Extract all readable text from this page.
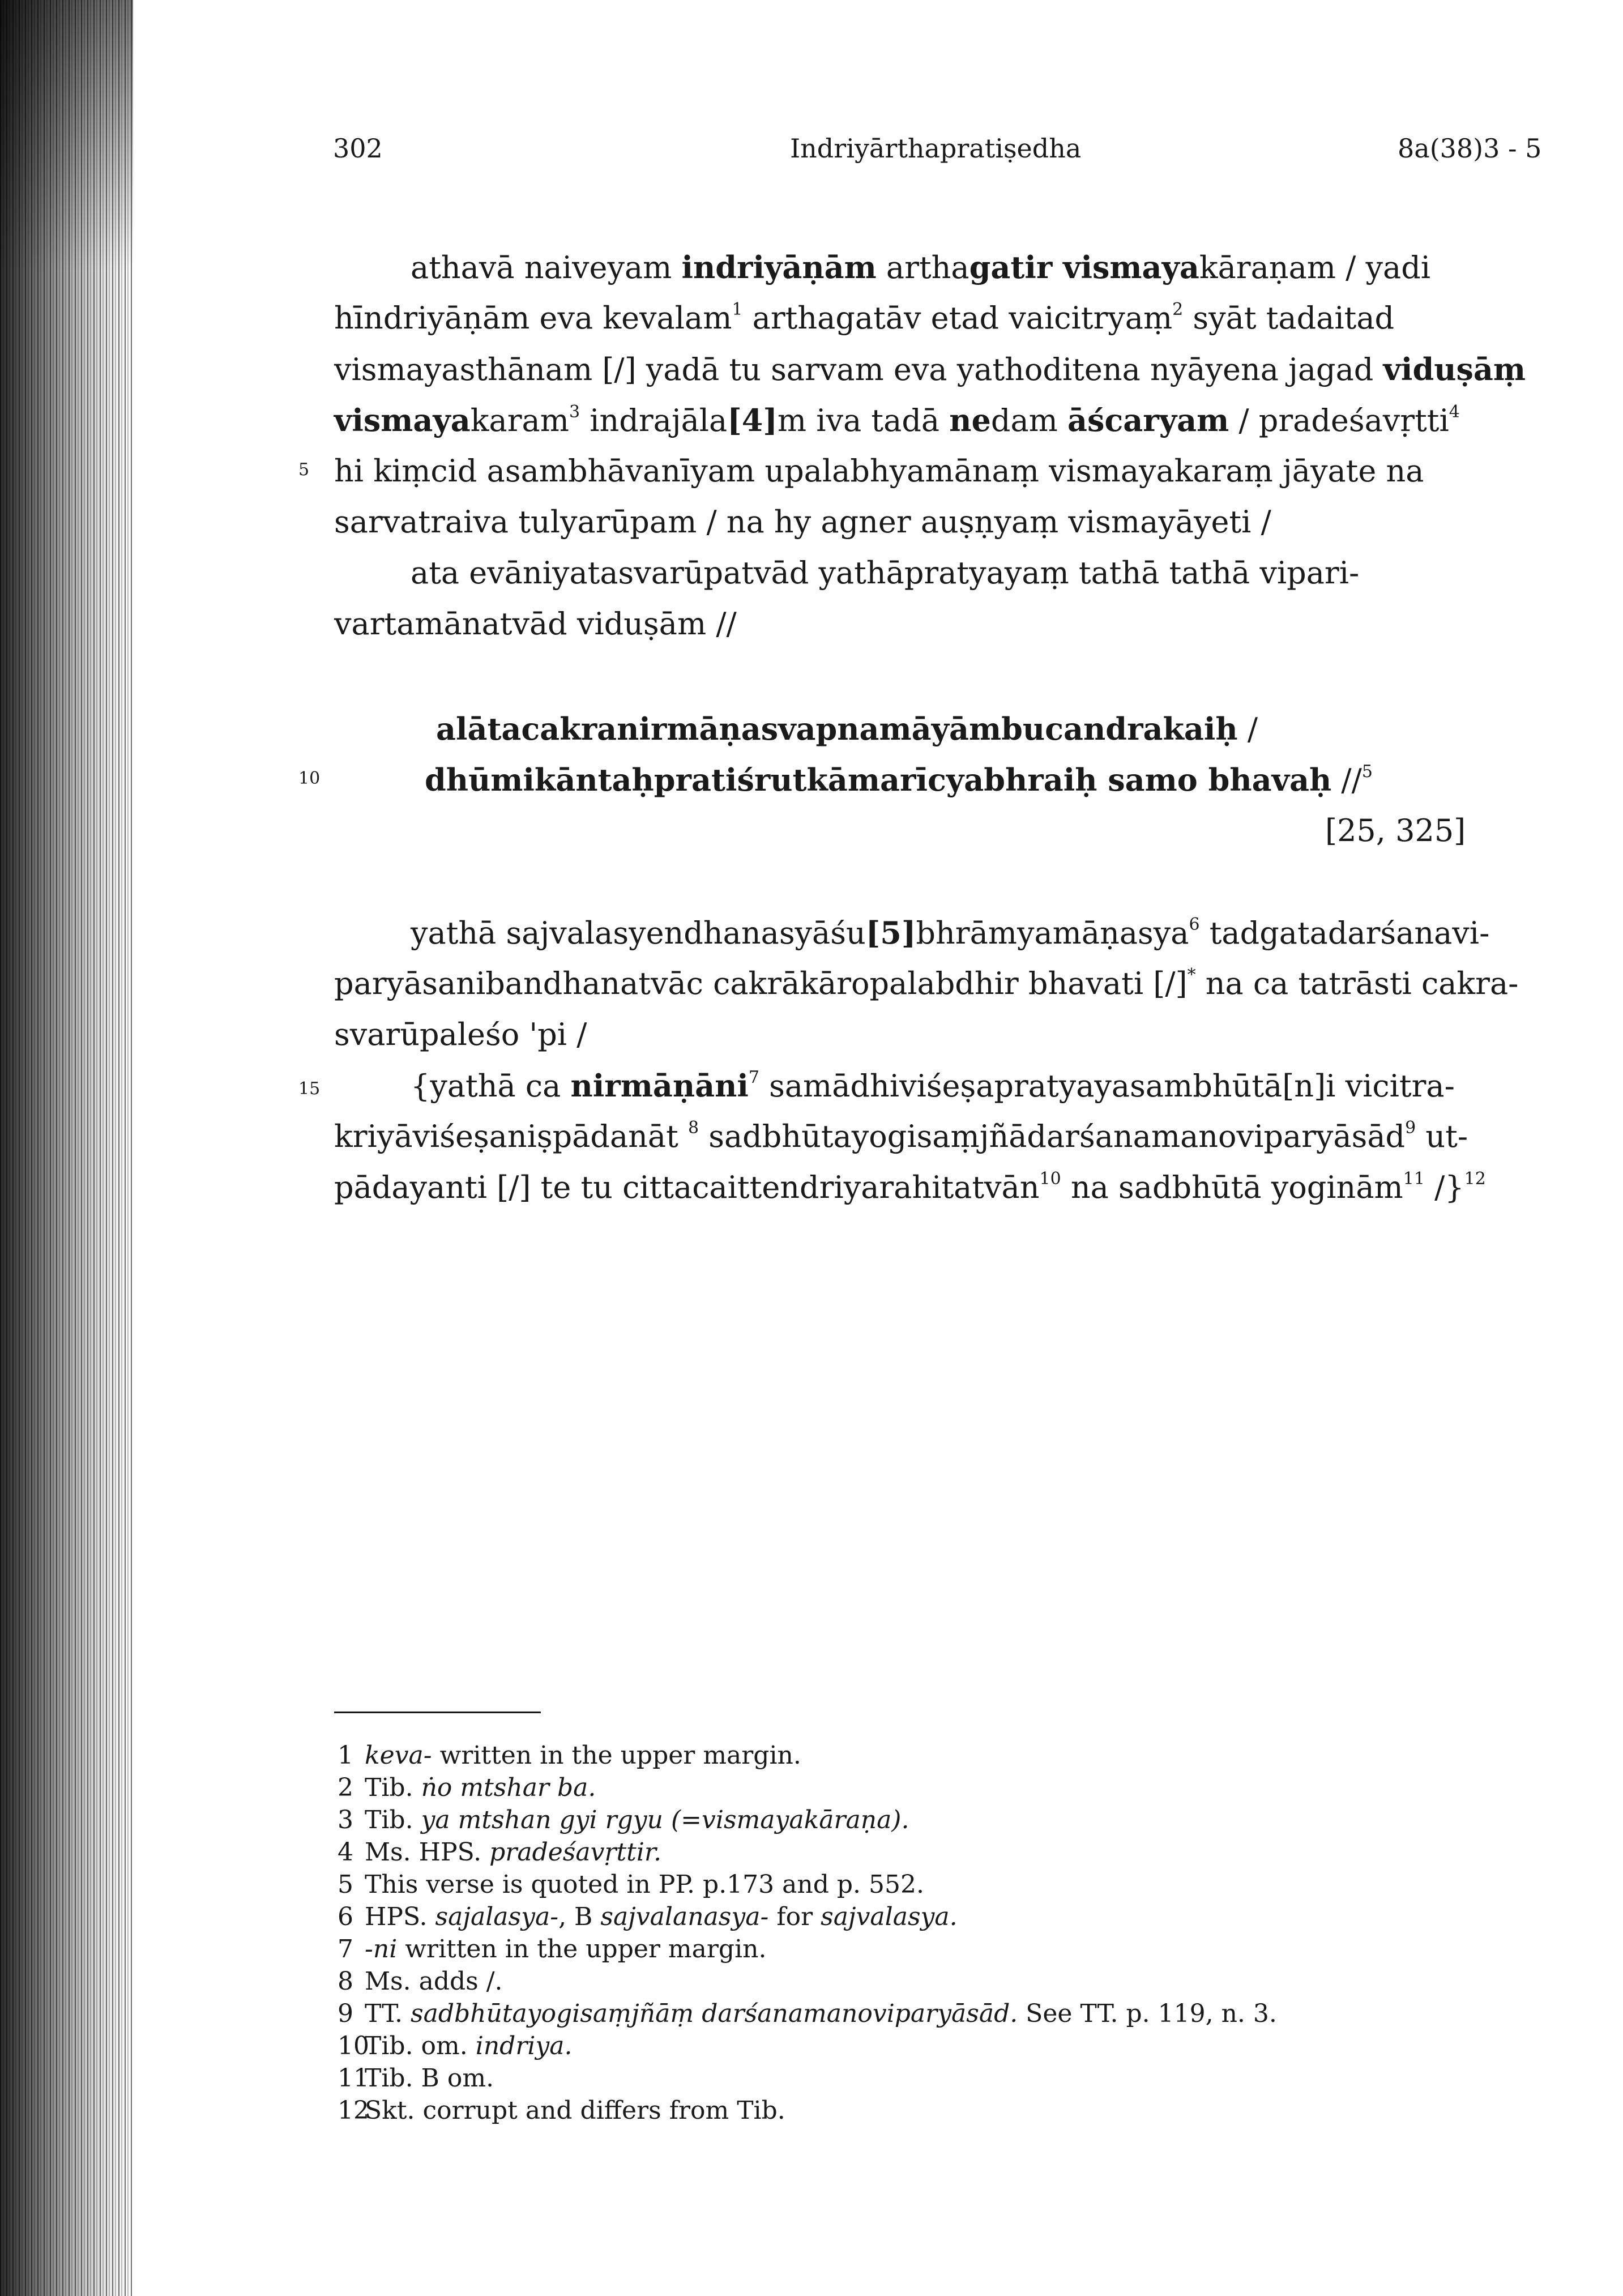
302	Indriyārthapratiṣedha	8a(38)3 - 5
5
10
15
athavā naiveyam indriyāṇām arthagatir vismayakāraṇam / yadi
hīndriyāṇām eva kevalam$^1$ arthagatāv etad vaicitryaṃ$^2$ syāt tadaitad
vismayasthānam [/] yadā tu sarvam eva yathoditena nyāyena jagad viduṣāṃ
vismayakaram$^3$ indrajāla[4]m iva tadā nedam āścaryam / pradeśavṛtti$^4$
hi kiṃcid asambhāvanīyam upalabhyamānaṃ vismayakaraṃ jāyate na
sarvatraiva tulyarūpam / na hy agner auṣṇyaṃ vismayāyeti /
ata evāniyatasvarūpatvād yathāpratyayaṃ tathā tathā vipari-
vartamānatvād viduṣām //
alātacakranirmāṇasvapnamāyāmbucandrakaiḥ /
dhūmikāntaḥpratiśrutkāmarīcyabhraiḥ samo bhavaḥ //$^5$
[25, 325]
yathā sajvalasyendhanasyāśu[5]bhrāmyamāṇasya$^6$ tadgatadarśanavi-
paryāsanibandhanatvāc cakrākāropalabdhir bhavati [/]* na ca tatrāsti cakra-
svarūpaleśo 'pi /
{yathā ca nirmāṇāni$^7$ samādhiviśeṣapratyayasambhūtā[n]i vicitra-
kriyāviśeṣaniṣpādanāt $^8$ sadbhūtayogisaṃjñādarśanamanoviparyāsād$^9$ ut-
pādayanti [/] te tu cittacaittendriyarahitatvān$^{10}$ na sadbhūtā yoginām$^{11}$ /}$^{12}$
1 keva- written in the upper margin.
2 Tib. ṅo mtshar ba.
3 Tib. ya mtshan gyi rgyu (=vismayakāraṇa).
4 Ms. HPS. pradeśavṛttir.
5 This verse is quoted in PP. p.173 and p. 552.
6 HPS. sajalasya-, B sajvalanasya- for sajvalasya.
7 -ni written in the upper margin.
8 Ms. adds /.
9 TT. sadbhūtayogisaṃjñāṃ darśanamanoviparyāsād. See TT. p. 119, n. 3.
10Tib. om. indriya.
11Tib. B om.
12Skt. corrupt and differs from Tib.
